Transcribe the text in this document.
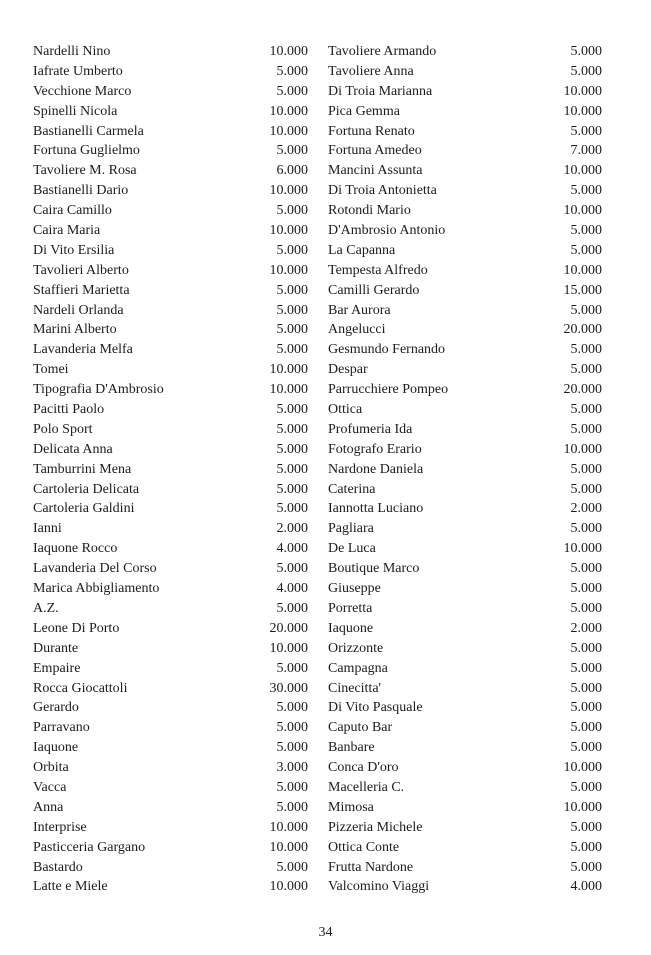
Nardelli Nino	10.000
Iafrate Umberto	5.000
Vecchione Marco	5.000
Spinelli Nicola	10.000
Bastianelli Carmela	10.000
Fortuna Guglielmo	5.000
Tavoliere M. Rosa	6.000
Bastianelli Dario	10.000
Caira Camillo	5.000
Caira Maria	10.000
Di Vito Ersilia	5.000
Tavolieri Alberto	10.000
Staffieri Marietta	5.000
Nardeli Orlanda	5.000
Marini Alberto	5.000
Lavanderia Melfa	5.000
Tomei	10.000
Tipografia D'Ambrosio	10.000
Pacitti Paolo	5.000
Polo Sport	5.000
Delicata Anna	5.000
Tamburrini Mena	5.000
Cartoleria Delicata	5.000
Cartoleria Galdini	5.000
Ianni	2.000
Iaquone Rocco	4.000
Lavanderia Del Corso	5.000
Marica Abbigliamento	4.000
A.Z.	5.000
Leone Di Porto	20.000
Durante	10.000
Empaire	5.000
Rocca Giocattoli	30.000
Gerardo	5.000
Parravano	5.000
Iaquone	5.000
Orbita	3.000
Vacca	5.000
Anna	5.000
Interprise	10.000
Pasticceria Gargano	10.000
Bastardo	5.000
Latte e Miele	10.000
Tavoliere Armando	5.000
Tavoliere Anna	5.000
Di Troia Marianna	10.000
Pica Gemma	10.000
Fortuna Renato	5.000
Fortuna Amedeo	7.000
Mancini Assunta	10.000
Di Troia Antonietta	5.000
Rotondi Mario	10.000
D'Ambrosio Antonio	5.000
La Capanna	5.000
Tempesta Alfredo	10.000
Camilli Gerardo	15.000
Bar Aurora	5.000
Angelucci	20.000
Gesmundo Fernando	5.000
Despar	5.000
Parrucchiere Pompeo	20.000
Ottica	5.000
Profumeria Ida	5.000
Fotografo Erario	10.000
Nardone Daniela	5.000
Caterina	5.000
Iannotta Luciano	2.000
Pagliara	5.000
De Luca	10.000
Boutique Marco	5.000
Giuseppe	5.000
Porretta	5.000
Iaquone	2.000
Orizzonte	5.000
Campagna	5.000
Cinecitta'	5.000
Di Vito Pasquale	5.000
Caputo Bar	5.000
Banbare	5.000
Conca D'oro	10.000
Macelleria C.	5.000
Mimosa	10.000
Pizzeria Michele	5.000
Ottica Conte	5.000
Frutta Nardone	5.000
Valcomino Viaggi	4.000
34
